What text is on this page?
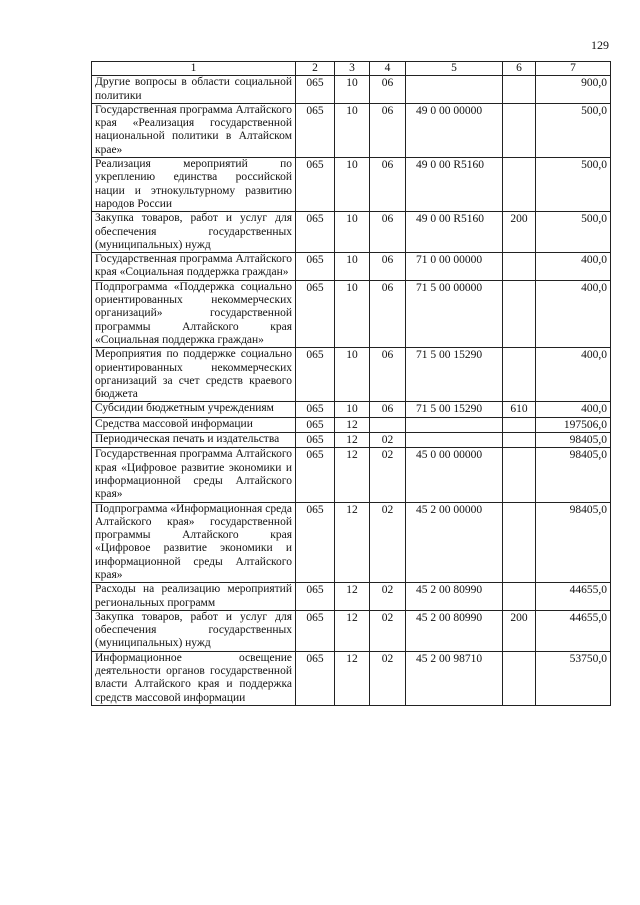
129
1	2	3	4	5	6	7
Другие вопросы в области социальной политики	065	10	06			900,0
Государственная программа Алтайского края «Реализация государственной национальной политики в Алтайском крае»	065	10	06	49 0 00 00000		500,0
Реализация мероприятий по укреплению единства российской нации и этнокультурному развитию народов России	065	10	06	49 0 00 R5160		500,0
Закупка товаров, работ и услуг для обеспечения государственных (муниципальных) нужд	065	10	06	49 0 00 R5160	200	500,0
Государственная программа Алтайского края «Социальная поддержка граждан»	065	10	06	71 0 00 00000		400,0
Подпрограмма «Поддержка социально ориентированных некоммерческих организаций» государственной программы Алтайского края «Социальная поддержка граждан»	065	10	06	71 5 00 00000		400,0
Мероприятия по поддержке социально ориентированных некоммерческих организаций за счет средств краевого бюджета	065	10	06	71 5 00 15290		400,0
Субсидии бюджетным учреждениям	065	10	06	71 5 00 15290	610	400,0
Средства массовой информации	065	12				197506,0
Периодическая печать и издательства	065	12	02			98405,0
Государственная программа Алтайского края «Цифровое развитие экономики и информационной среды Алтайского края»	065	12	02	45 0 00 00000		98405,0
Подпрограмма «Информационная среда Алтайского края» государственной программы Алтайского края «Цифровое развитие экономики и информационной среды Алтайского края»	065	12	02	45 2 00 00000		98405,0
Расходы на реализацию мероприятий региональных программ	065	12	02	45 2 00 80990		44655,0
Закупка товаров, работ и услуг для обеспечения государственных (муниципальных) нужд	065	12	02	45 2 00 80990	200	44655,0
Информационное освещение деятельности органов государственной власти Алтайского края и поддержка средств массовой информации	065	12	02	45 2 00 98710		53750,0
